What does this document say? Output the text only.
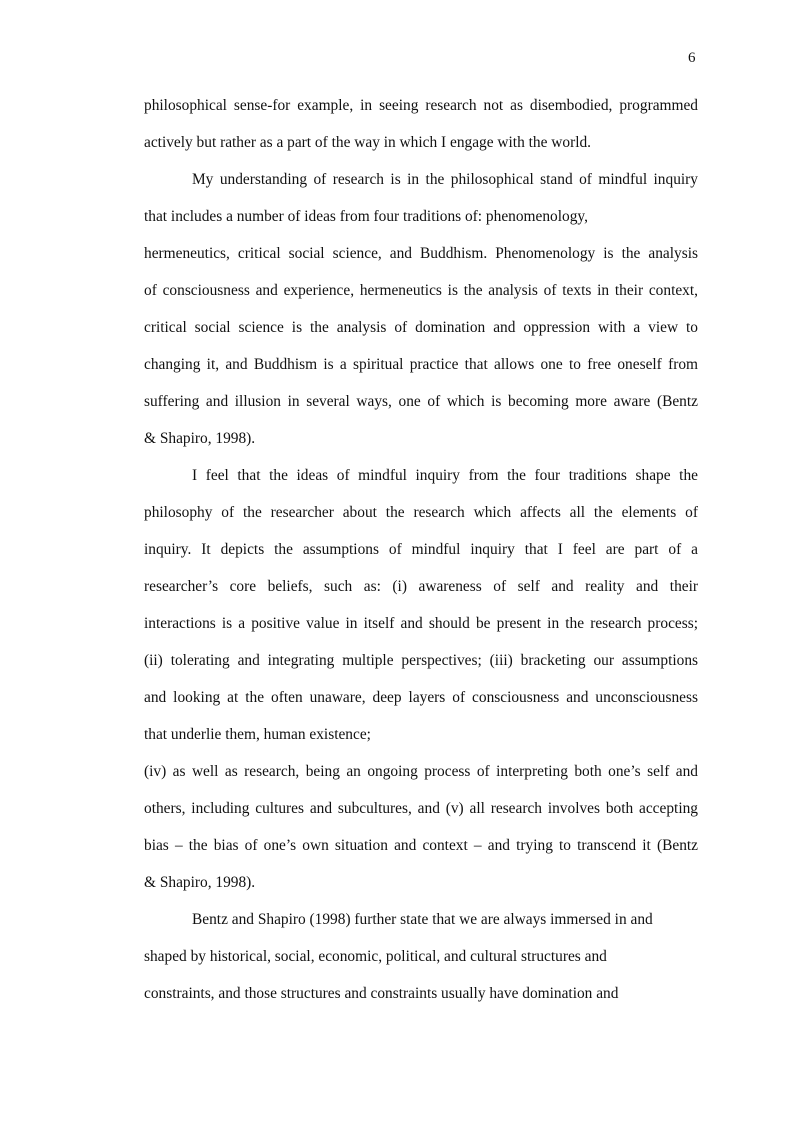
6
philosophical sense-for example, in seeing research not as disembodied, programmed
actively but rather as a part of the way in which I engage with the world.
My understanding of research is in the philosophical stand of mindful inquiry
that includes a number of ideas from four traditions of: phenomenology,
hermeneutics, critical social science, and Buddhism. Phenomenology is the analysis
of consciousness and experience, hermeneutics is the analysis of texts in their context,
critical social science is the analysis of domination and oppression with a view to
changing it, and Buddhism is a spiritual practice that allows one to free oneself from
suffering and illusion in several ways, one of which is becoming more aware (Bentz
& Shapiro, 1998).
I feel that the ideas of mindful inquiry from the four traditions shape the
philosophy of the researcher about the research which affects all the elements of
inquiry. It depicts the assumptions of mindful inquiry that I feel are part of a
researcher’s core beliefs, such as: (i) awareness of self and reality and their
interactions is a positive value in itself and should be present in the research process;
(ii) tolerating and integrating multiple perspectives; (iii) bracketing our assumptions
and looking at the often unaware, deep layers of consciousness and unconsciousness
that underlie them, human existence;
(iv) as well as research, being an ongoing process of interpreting both one’s self and
others, including cultures and subcultures, and (v) all research involves both accepting
bias – the bias of one’s own situation and context – and trying to transcend it (Bentz
& Shapiro, 1998).
Bentz and Shapiro (1998) further state that we are always immersed in and
shaped by historical, social, economic, political, and cultural structures and
constraints, and those structures and constraints usually have domination and
